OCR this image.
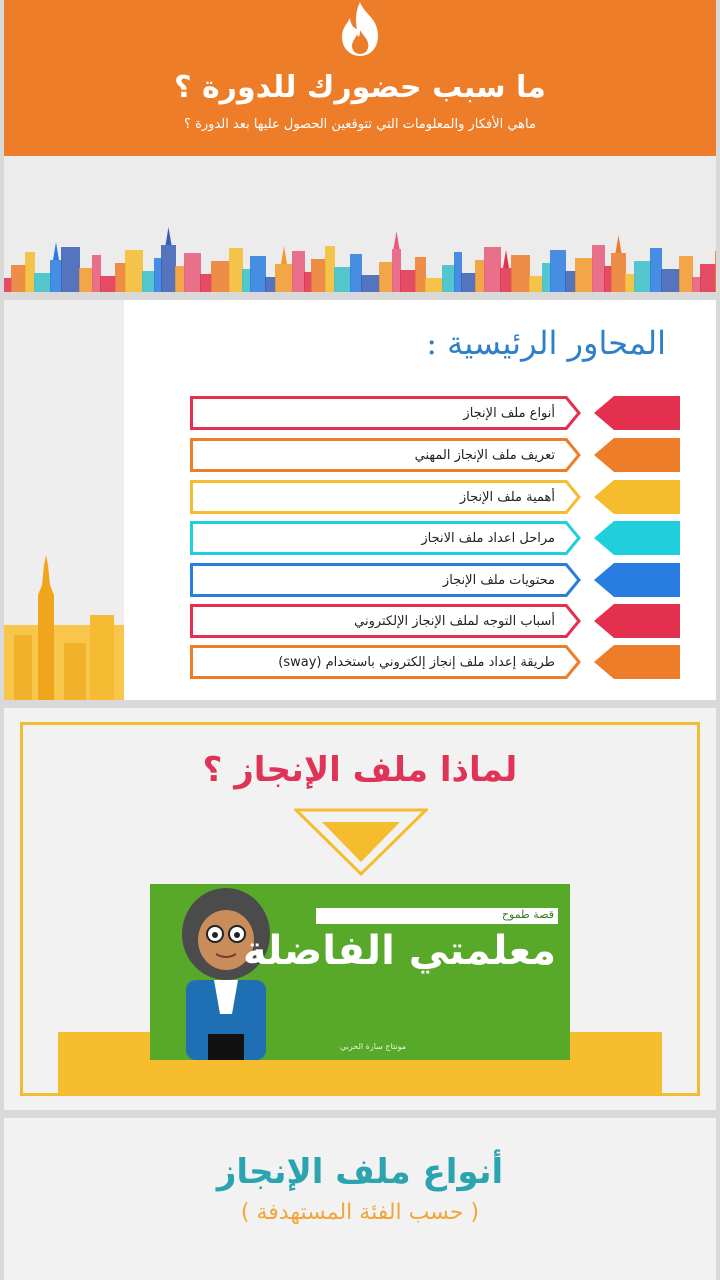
ما سبب حضورك للدورة ؟
ماهي الأفكار والمعلومات التي تتوقعين الحصول عليها بعد الدورة ؟
المحاور الرئيسية :
أنواع ملف الإنجاز
تعريف ملف الإنجاز المهني
أهمية ملف الإنجاز
مراحل اعداد ملف الانجاز
محتويات ملف الإنجاز
أسباب التوجه لملف الإنجاز الإلكتروني
طريقة إعداد ملف إنجاز إلكتروني باستخدام (sway)
لماذا ملف الإنجاز ؟
قصة طموح
معلمتي الفاضلة
مونتاج سارة الحربي
أنواع ملف الإنجاز
( حسب الفئة المستهدفة )
